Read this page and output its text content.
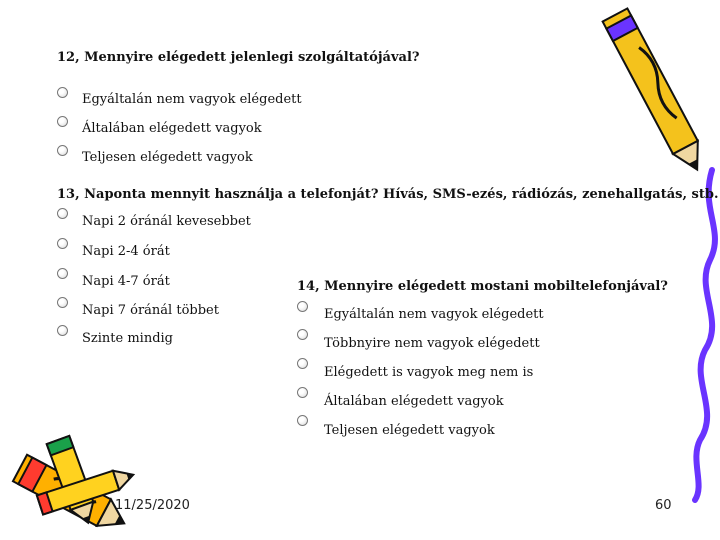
12, Mennyire elégedett jelenlegi szolgáltatójával?
Egyáltalán nem vagyok elégedett
Általában elégedett vagyok
Teljesen elégedett vagyok
13, Naponta mennyit használja a telefonját? Hívás, SMS-ezés, rádiózás, zenehallgatás, stb.
Napi 2 óránál kevesebbet
Napi 2-4 órát
Napi 4-7 órát
Napi 7 óránál többet
Szinte mindig
14, Mennyire elégedett mostani mobiltelefonjával?
Egyáltalán nem vagyok elégedett
Többnyire nem vagyok elégedett
Elégedett is vagyok meg nem is
Általában elégedett vagyok
Teljesen elégedett vagyok
11/25/2020	60
